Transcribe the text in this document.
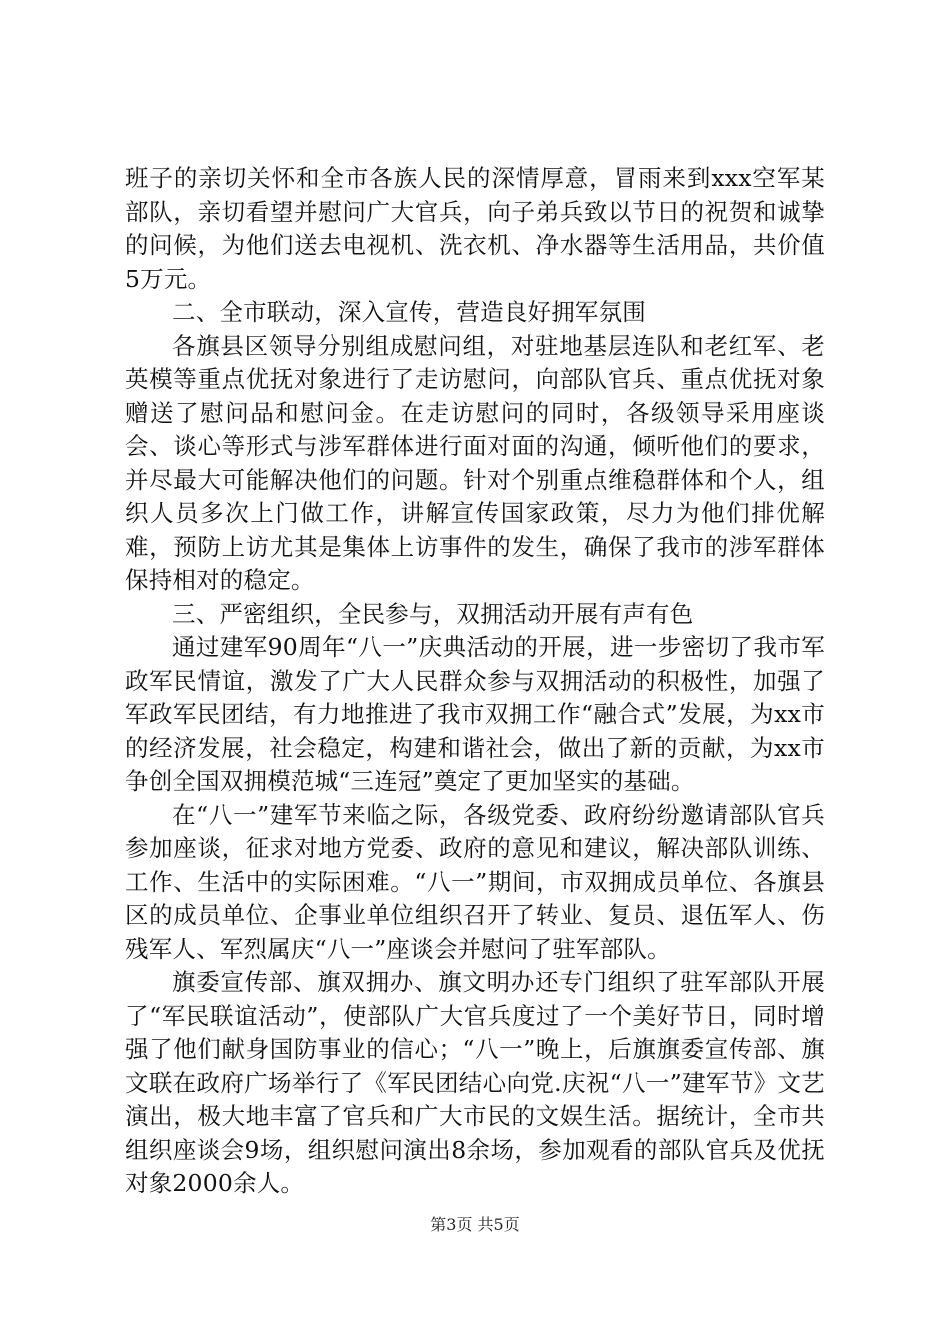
班子的亲切关怀和全市各族人民的深情厚意，冒雨来到xxx空军某部队，亲切看望并慰问广大官兵，向子弟兵致以节日的祝贺和诚挚的问候，为他们送去电视机、洗衣机、净水器等生活用品，共价值5万元。

二、全市联动，深入宣传，营造良好拥军氛围

各旗县区领导分别组成慰问组，对驻地基层连队和老红军、老英模等重点优抚对象进行了走访慰问，向部队官兵、重点优抚对象赠送了慰问品和慰问金。在走访慰问的同时，各级领导采用座谈会、谈心等形式与涉军群体进行面对面的沟通，倾听他们的要求，并尽最大可能解决他们的问题。针对个别重点维稳群体和个人，组织人员多次上门做工作，讲解宣传国家政策，尽力为他们排优解难，预防上访尤其是集体上访事件的发生，确保了我市的涉军群体保持相对的稳定。

三、严密组织，全民参与，双拥活动开展有声有色

通过建军90周年“八一”庆典活动的开展，进一步密切了我市军政军民情谊，激发了广大人民群众参与双拥活动的积极性，加强了军政军民团结，有力地推进了我市双拥工作“融合式”发展，为xx市的经济发展，社会稳定，构建和谐社会，做出了新的贡献，为xx市争创全国双拥模范城“三连冠”奠定了更加坚实的基础。

在“八一”建军节来临之际，各级党委、政府纷纷邀请部队官兵参加座谈，征求对地方党委、政府的意见和建议，解决部队训练、工作、生活中的实际困难。“八一”期间，市双拥成员单位、各旗县区的成员单位、企事业单位组织召开了转业、复员、退伍军人、伤残军人、军烈属庆“八一”座谈会并慰问了驻军部队。

旗委宣传部、旗双拥办、旗文明办还专门组织了驻军部队开展了“军民联谊活动”，使部队广大官兵度过了一个美好节日，同时增强了他们献身国防事业的信心；“八一”晚上，后旗旗委宣传部、旗文联在政府广场举行了《军民团结心向党.庆祝“八一”建军节》文艺演出，极大地丰富了官兵和广大市民的文娱生活。据统计，全市共组织座谈会9场，组织慰问演出8余场，参加观看的部队官兵及优抚对象2000余人。

第3页 共5页
